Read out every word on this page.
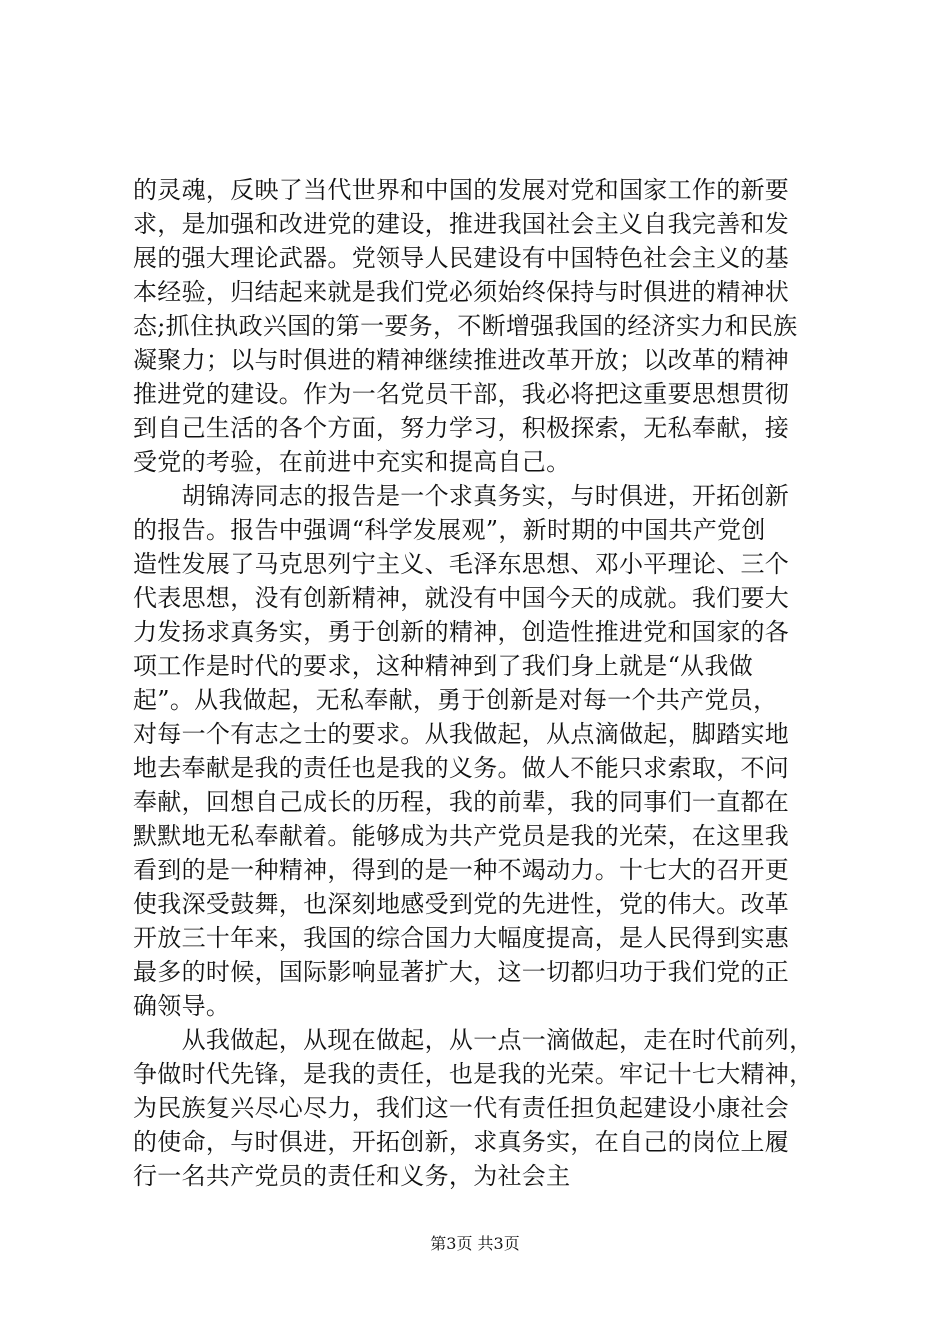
的灵魂，反映了当代世界和中国的发展对党和国家工作的新要
求，是加强和改进党的建设，推进我国社会主义自我完善和发
展的强大理论武器。党领导人民建设有中国特色社会主义的基
本经验，归结起来就是我们党必须始终保持与时俱进的精神状
态;抓住执政兴国的第一要务，不断增强我国的经济实力和民族
凝聚力；以与时俱进的精神继续推进改革开放；以改革的精神
推进党的建设。作为一名党员干部，我必将把这重要思想贯彻
到自己生活的各个方面，努力学习，积极探索，无私奉献，接
受党的考验，在前进中充实和提高自己。
　　胡锦涛同志的报告是一个求真务实，与时俱进，开拓创新
的报告。报告中强调“科学发展观”，新时期的中国共产党创
造性发展了马克思列宁主义、毛泽东思想、邓小平理论、三个
代表思想，没有创新精神，就没有中国今天的成就。我们要大
力发扬求真务实，勇于创新的精神，创造性推进党和国家的各
项工作是时代的要求，这种精神到了我们身上就是“从我做
起”。从我做起，无私奉献，勇于创新是对每一个共产党员，
对每一个有志之士的要求。从我做起，从点滴做起，脚踏实地
地去奉献是我的责任也是我的义务。做人不能只求索取，不问
奉献，回想自己成长的历程，我的前辈，我的同事们一直都在
默默地无私奉献着。能够成为共产党员是我的光荣，在这里我
看到的是一种精神，得到的是一种不竭动力。十七大的召开更
使我深受鼓舞，也深刻地感受到党的先进性，党的伟大。改革
开放三十年来，我国的综合国力大幅度提高，是人民得到实惠
最多的时候，国际影响显著扩大，这一切都归功于我们党的正
确领导。
　　从我做起，从现在做起，从一点一滴做起，走在时代前列，
争做时代先锋，是我的责任，也是我的光荣。牢记十七大精神，
为民族复兴尽心尽力，我们这一代有责任担负起建设小康社会
的使命，与时俱进，开拓创新，求真务实，在自己的岗位上履
行一名共产党员的责任和义务，为社会主
第3页 共3页
